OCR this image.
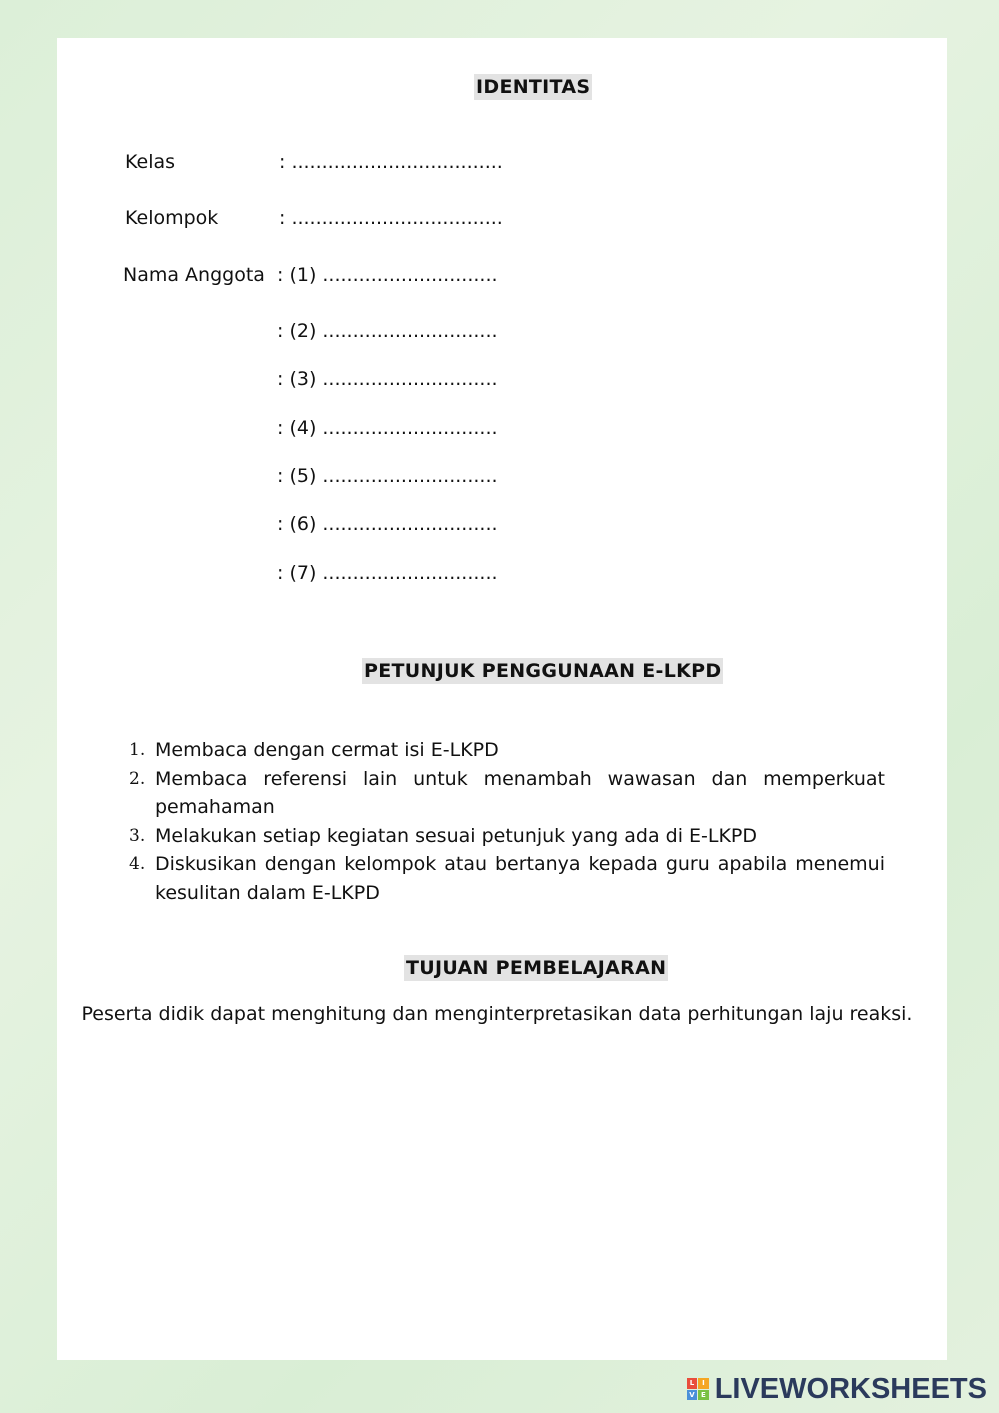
IDENTITAS
Kelas	: ...................................
Kelompok	: ...................................
Nama Anggota : (1) .............................
: (2) .............................
: (3) .............................
: (4) .............................
: (5) .............................
: (6) .............................
: (7) .............................
PETUNJUK PENGGUNAAN E-LKPD
1. Membaca dengan cermat isi E-LKPD
2. Membaca referensi lain untuk menambah wawasan dan memperkuat pemahaman
3. Melakukan setiap kegiatan sesuai petunjuk yang ada di E-LKPD
4. Diskusikan dengan kelompok atau bertanya kepada guru apabila menemui kesulitan dalam E-LKPD
TUJUAN PEMBELAJARAN
Peserta didik dapat menghitung dan menginterpretasikan data perhitungan laju reaksi.
L	I
V E LIVEWORKSHEETS
